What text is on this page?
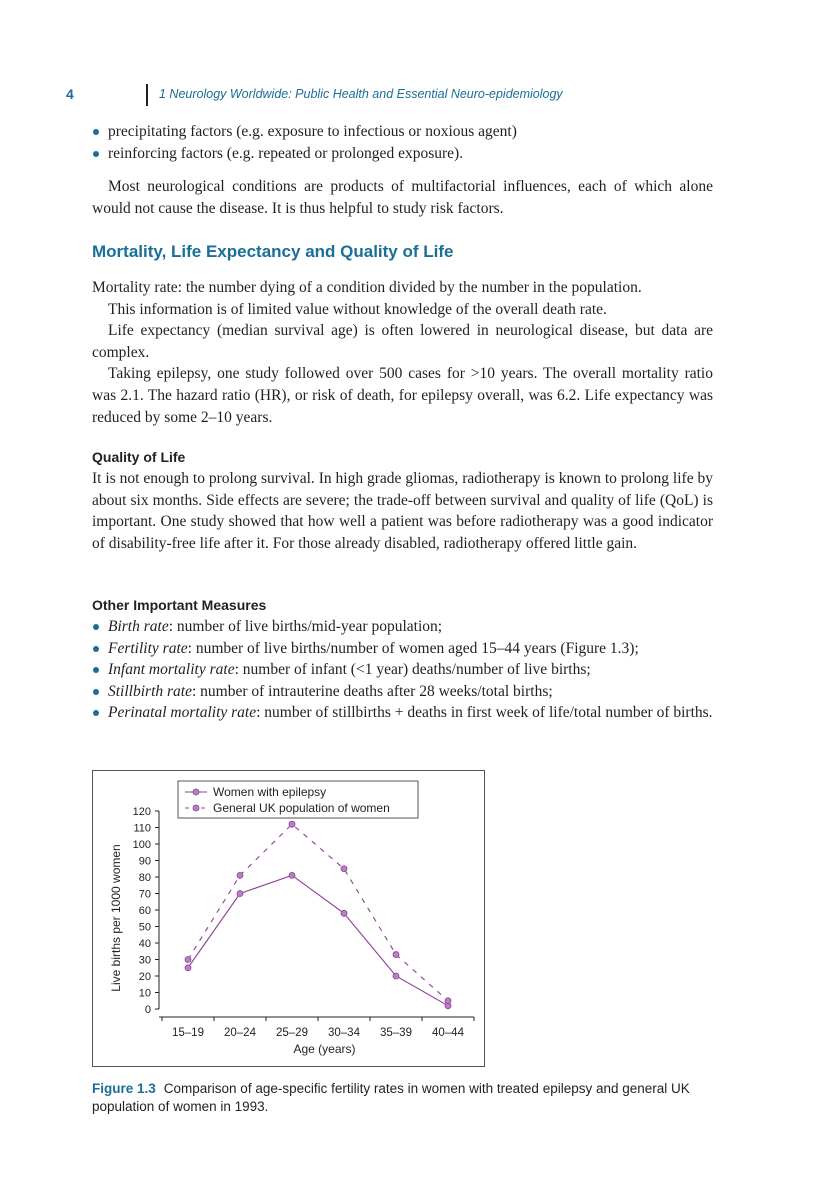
4	1 Neurology Worldwide: Public Health and Essential Neuro-epidemiology
precipitating factors (e.g. exposure to infectious or noxious agent)
reinforcing factors (e.g. repeated or prolonged exposure).

Most neurological conditions are products of multifactorial influences, each of which alone would not cause the disease. It is thus helpful to study risk factors.

Mortality, Life Expectancy and Quality of Life
Mortality rate: the number dying of a condition divided by the number in the population.
This information is of limited value without knowledge of the overall death rate.
Life expectancy (median survival age) is often lowered in neurological disease, but data are complex.
Taking epilepsy, one study followed over 500 cases for >10 years. The overall mortality ratio was 2.1. The hazard ratio (HR), or risk of death, for epilepsy overall, was 6.2. Life expectancy was reduced by some 2–10 years.
Quality of Life

It is not enough to prolong survival. In high grade gliomas, radiotherapy is known to prolong life by about six months. Side effects are severe; the trade-off between survival and quality of life (QoL) is important. One study showed that how well a patient was before radiotherapy was a good indicator of disability-free life after it. For those already disabled, radiotherapy offered little gain.

Other Important Measures
Birth rate: number of live births/mid-year population;
Fertility rate: number of live births/number of women aged 15–44 years (Figure 1.3);
Infant mortality rate: number of infant (<1 year) deaths/number of live births;
Stillbirth rate: number of intrauterine deaths after 28 weeks/total births;
Perinatal mortality rate: number of stillbirths + deaths in first week of life/total number of births.
0
10
20
30
40
50
60
70
80
90
100
110
120
15–19 20–24 25–29 30–34 35–39 40–44
Age (years)
Live births per 1000 women
Women with epilepsy
General UK population of women

Figure 1.3 Comparison of age-specific fertility rates in women with treated epilepsy and general UK population of women in 1993.
